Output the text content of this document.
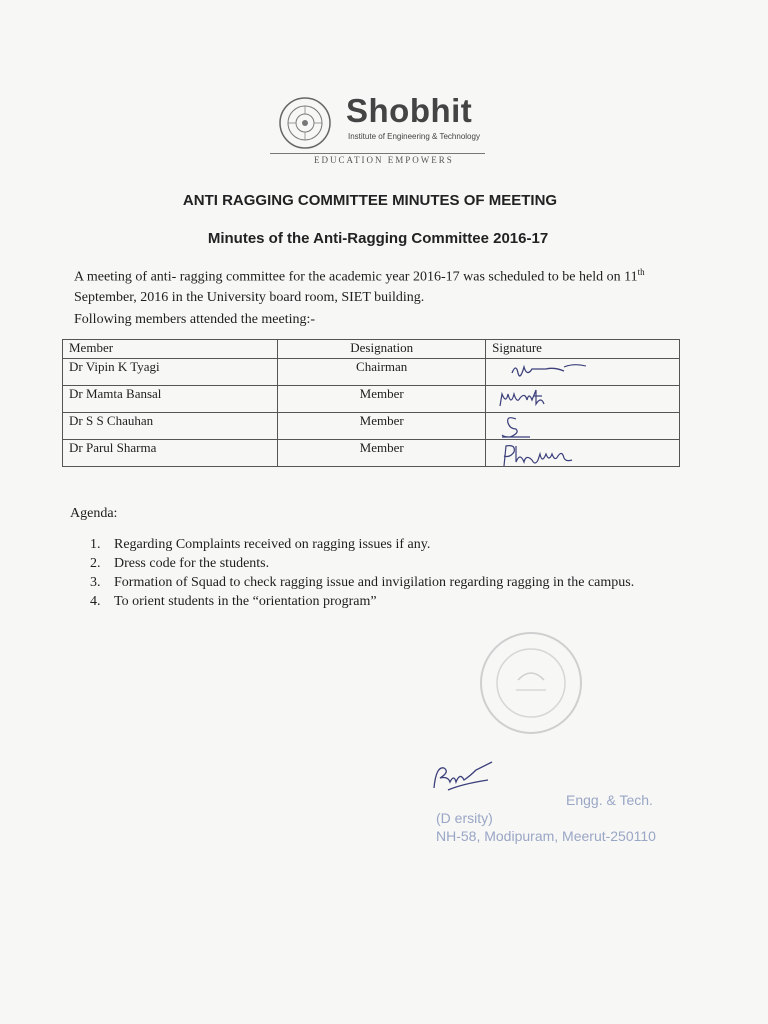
Shobhit
Institute of Engineering & Technology
EDUCATION EMPOWERS
ANTI RAGGING COMMITTEE MINUTES OF MEETING
Minutes of the Anti-Ragging Committee 2016-17
A meeting of anti- ragging committee for the academic year 2016-17 was scheduled to be held on 11th September, 2016 in the University board room, SIET building.
Following members attended the meeting:-
Member	Designation	Signature
Dr Vipin K Tyagi	Chairman	

Dr Mamta Bansal	Member	

Dr S S Chauhan	Member	

Dr Parul Sharma	Member	
Agenda:
1. Regarding Complaints received on ragging issues if any.
2. Dress code for the students.
3. Formation of Squad to check ragging issue and invigilation regarding ragging in the campus.
4. To orient students in the “orientation program”
Engg. & Tech.
(D ersity)
NH-58, Modipuram, Meerut-250110
